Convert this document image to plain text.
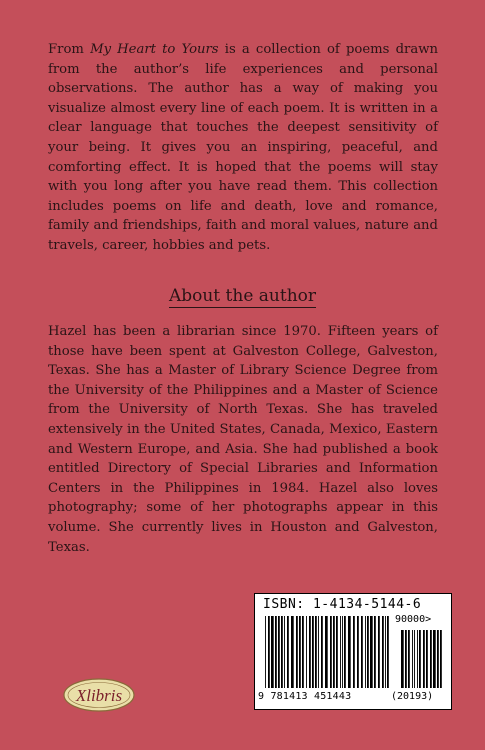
From My Heart to Yours is a collection of poems drawn from the author’s life experiences and personal observations. The author has a way of making you visualize almost every line of each poem. It is written in a clear language that touches the deepest sensitivity of your being. It gives you an inspiring, peaceful, and comforting effect. It is hoped that the poems will stay with you long after you have read them. This collection includes poems on life and death, love and romance, family and friendships, faith and moral values, nature and travels, career, hobbies and pets.

About the author

Hazel has been a librarian since 1970. Fifteen years of those have been spent at Galveston College, Galveston, Texas. She has a Master of Library Science Degree from the University of the Philippines and a Master of Science from the University of North Texas. She has traveled extensively in the United States, Canada, Mexico, Eastern and Western Europe, and Asia. She had published a book entitled Directory of Special Libraries and Information Centers in the Philippines in 1984. Hazel also loves photography; some of her photographs appear in this volume. She currently lives in Houston and Galveston, Texas.

Xlibris
ISBN: 1-4134-5144-6
90000>
9 781413 451443	(20193)
